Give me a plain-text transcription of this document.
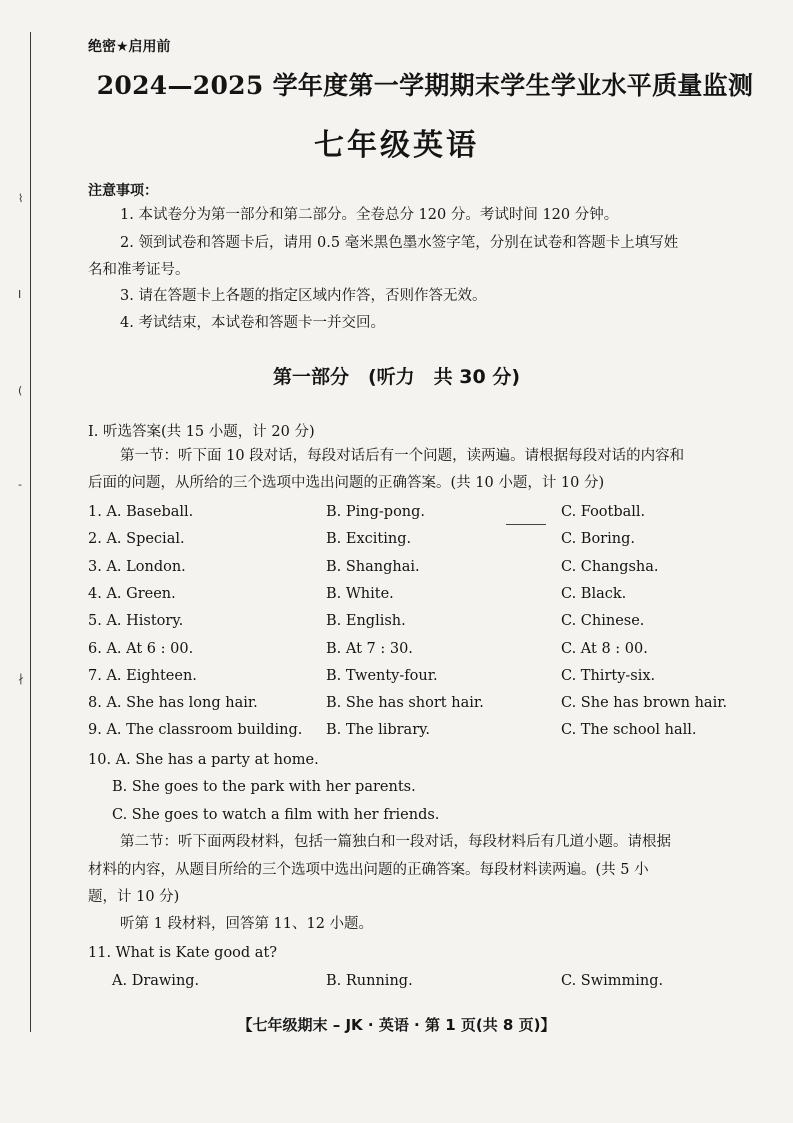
⌇
I
(
-
∤
绝密★启用前
2024—2025 学年度第一学期期末学生学业水平质量监测
七年级英语
注意事项：
1. 本试卷分为第一部分和第二部分。全卷总分 120 分。考试时间 120 分钟。
2. 领到试卷和答题卡后，请用 0.5 毫米黑色墨水签字笔，分别在试卷和答题卡上填写姓
名和准考证号。
3. 请在答题卡上各题的指定区域内作答，否则作答无效。
4. 考试结束，本试卷和答题卡一并交回。
第一部分　(听力　共 30 分)
Ⅰ. 听选答案(共 15 小题，计 20 分)
第一节：听下面 10 段对话，每段对话后有一个问题，读两遍。请根据每段对话的内容和
后面的问题，从所给的三个选项中选出问题的正确答案。(共 10 小题，计 10 分)
1. A. Baseball.	B. Ping-pong.	C. Football.
2. A. Special.	B. Exciting.	C. Boring.
3. A. London.	B. Shanghai.	C. Changsha.
4. A. Green.	B. White.	C. Black.
5. A. History.	B. English.	C. Chinese.
6. A. At 6 : 00.	B. At 7 : 30.	C. At 8 : 00.
7. A. Eighteen.	B. Twenty-four.	C. Thirty-six.
8. A. She has long hair.	B. She has short hair.	C. She has brown hair.
9. A. The classroom building. B. The library.	C. The school hall.
10. A. She has a party at home.
B. She goes to the park with her parents.
C. She goes to watch a film with her friends.
第二节：听下面两段材料，包括一篇独白和一段对话，每段材料后有几道小题。请根据
材料的内容，从题目所给的三个选项中选出问题的正确答案。每段材料读两遍。(共 5 小
题，计 10 分)
听第 1 段材料，回答第 11、12 小题。
11. What is Kate good at?
A. Drawing.	B. Running.	C. Swimming.
【七年级期末 – JK · 英语 · 第 1 页(共 8 页)】
